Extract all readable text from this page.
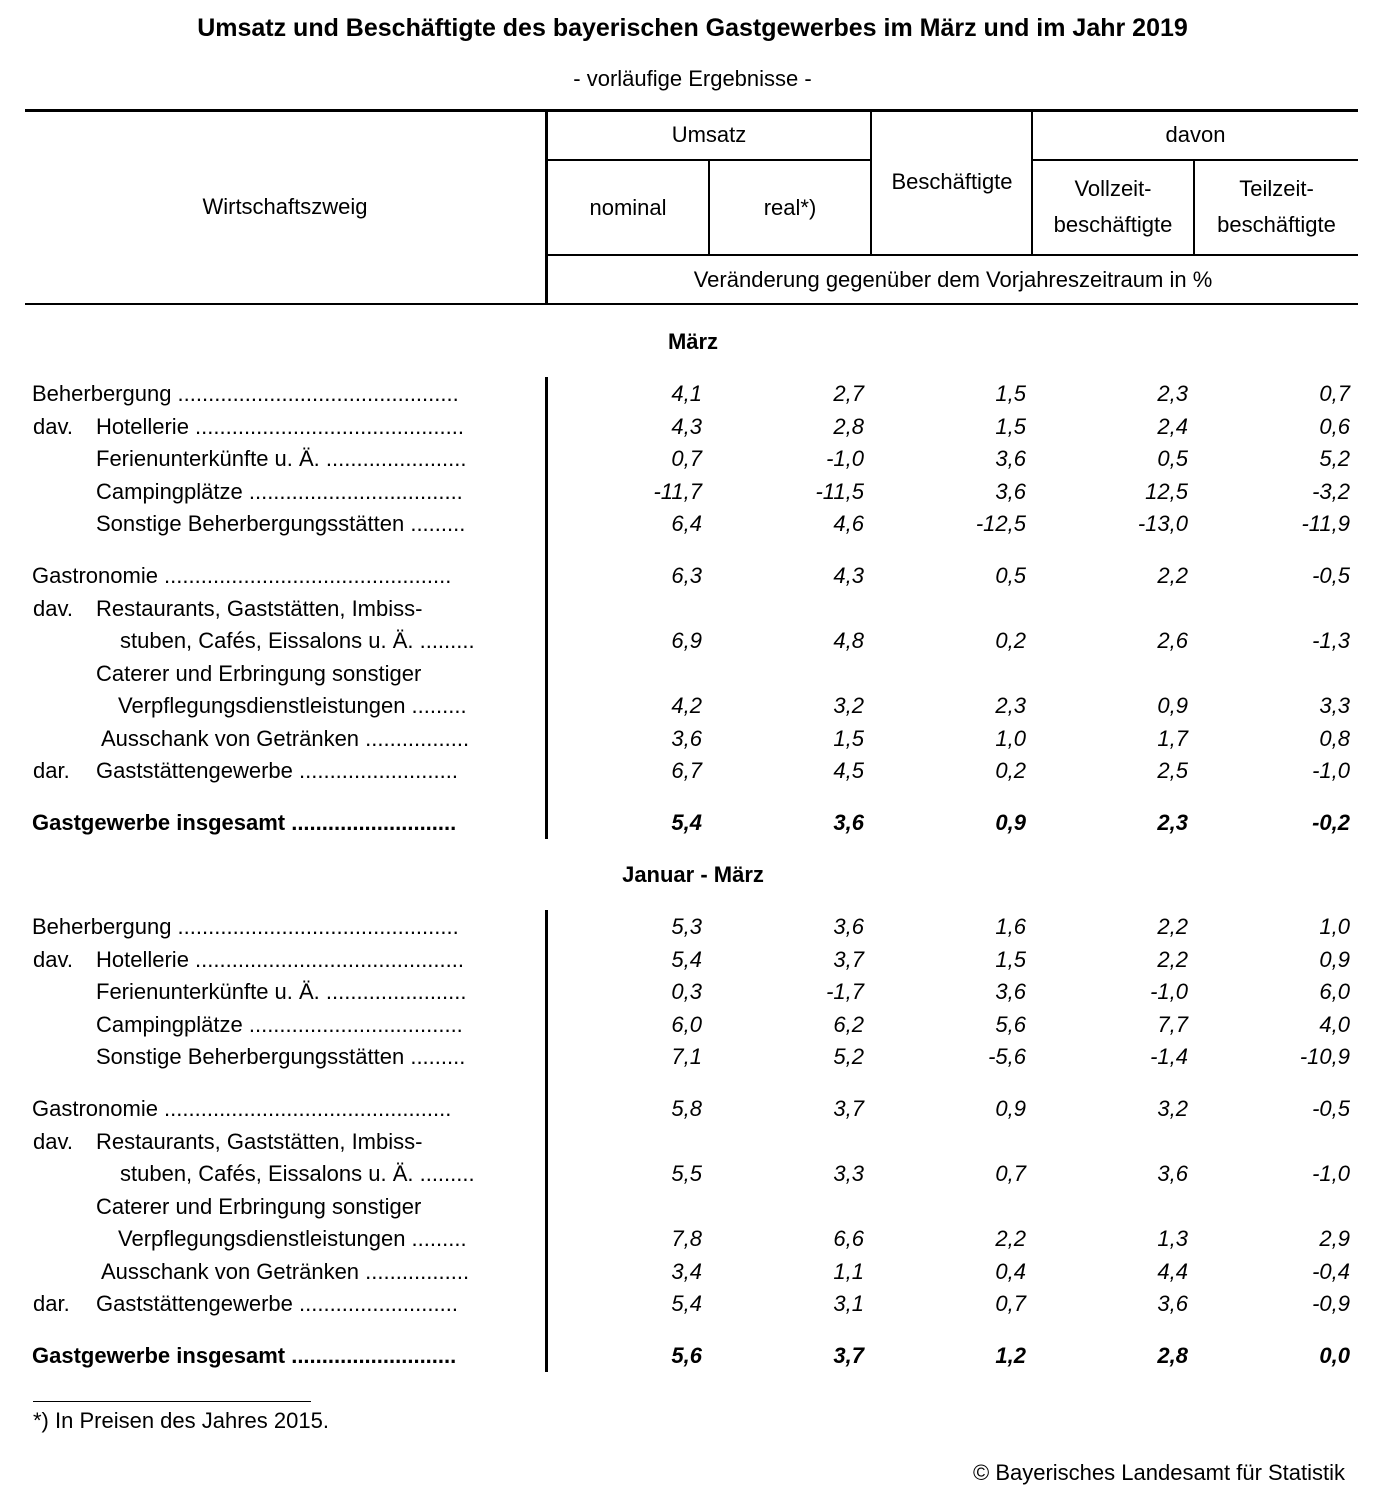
Umsatz und Beschäftigte des bayerischen Gastgewerbes im März und im Jahr 2019
- vorläufige Ergebnisse -
Wirtschaftszweig
Umsatz
nominal	real*)
Beschäftigte
davon
Vollzeit-
beschäftigte
Teilzeit-
beschäftigte
Veränderung gegenüber dem Vorjahreszeitraum in %
März
Januar - März
Beherbergung ..............................................	4,1	2,7	1,5	2,3	0,7
dav. Hotellerie ............................................	4,3	2,8	1,5	2,4	0,6
Ferienunterkünfte u. Ä. .......................	0,7	-1,0	3,6	0,5	5,2
Campingplätze ...................................	-11,7	-11,5	3,6	12,5	-3,2
Sonstige Beherbergungsstätten .........	6,4	4,6	-12,5	-13,0	-11,9
Gastronomie ...............................................	6,3	4,3	0,5	2,2	-0,5
dav. Restaurants, Gaststätten, Imbiss-
stuben, Cafés, Eissalons u. Ä. .........	6,9	4,8	0,2	2,6	-1,3
Caterer und Erbringung sonstiger
Verpflegungsdienstleistungen .........	4,2	3,2	2,3	0,9	3,3
Ausschank von Getränken .................	3,6	1,5	1,0	1,7	0,8
dar. Gaststättengewerbe ..........................	6,7	4,5	0,2	2,5	-1,0
Gastgewerbe insgesamt ...........................	5,4	3,6	0,9	2,3	-0,2
Beherbergung ..............................................	5,3	3,6	1,6	2,2	1,0
dav. Hotellerie ............................................	5,4	3,7	1,5	2,2	0,9
Ferienunterkünfte u. Ä. .......................	0,3	-1,7	3,6	-1,0	6,0
Campingplätze ...................................	6,0	6,2	5,6	7,7	4,0
Sonstige Beherbergungsstätten .........	7,1	5,2	-5,6	-1,4	-10,9
Gastronomie ...............................................	5,8	3,7	0,9	3,2	-0,5
dav. Restaurants, Gaststätten, Imbiss-
stuben, Cafés, Eissalons u. Ä. .........	5,5	3,3	0,7	3,6	-1,0
Caterer und Erbringung sonstiger
Verpflegungsdienstleistungen .........	7,8	6,6	2,2	1,3	2,9
Ausschank von Getränken .................	3,4	1,1	0,4	4,4	-0,4
dar. Gaststättengewerbe ..........................	5,4	3,1	0,7	3,6	-0,9
Gastgewerbe insgesamt ...........................	5,6	3,7	1,2	2,8	0,0
*) In Preisen des Jahres 2015.
© Bayerisches Landesamt für Statistik
